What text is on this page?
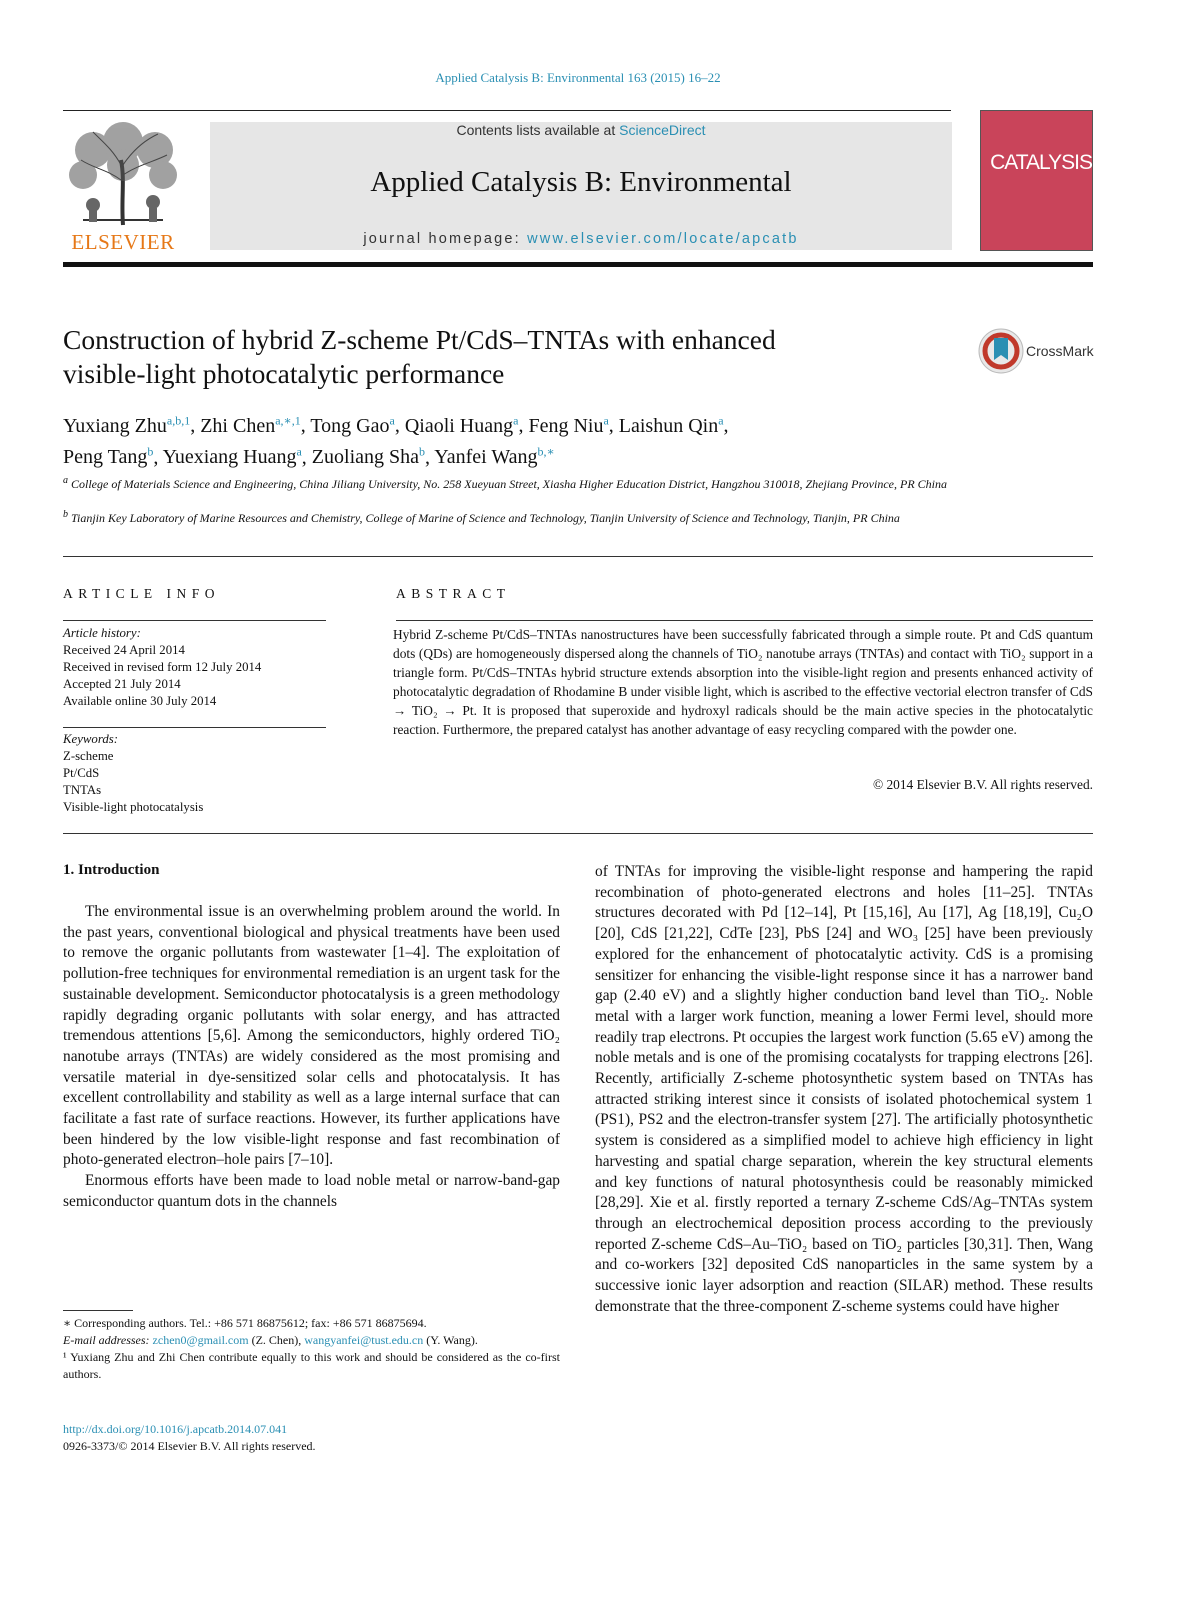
Applied Catalysis B: Environmental 163 (2015) 16–22
ELSEVIER
Contents lists available at ScienceDirect
Applied Catalysis B: Environmental
journal homepage: www.elsevier.com/locate/apcatb
CATALYSIS
Construction of hybrid Z-scheme Pt/CdS–TNTAs with enhanced
visible-light photocatalytic performance
CrossMark
Yuxiang Zhu$^{a,b,1}$, Zhi Chen$^{a,∗,1}$, Tong Gao$^a$, Qiaoli Huang$^a$, Feng Niu$^a$, Laishun Qin$^a$,
Peng Tang$^b$, Yuexiang Huang$^a$, Zuoliang Sha$^b$, Yanfei Wang$^{b,∗}$
$^a$ College of Materials Science and Engineering, China Jiliang University, No. 258 Xueyuan Street, Xiasha Higher Education District, Hangzhou 310018, Zhejiang Province, PR China
$^b$ Tianjin Key Laboratory of Marine Resources and Chemistry, College of Marine of Science and Technology, Tianjin University of Science and Technology, Tianjin, PR China
ARTICLE INFO
Article history:
Received 24 April 2014
Received in revised form 12 July 2014
Accepted 21 July 2014
Available online 30 July 2014
Keywords:
Z-scheme
Pt/CdS
TNTAs
Visible-light photocatalysis
ABSTRACT
Hybrid Z-scheme Pt/CdS–TNTAs nanostructures have been successfully fabricated through a simple route. Pt and CdS quantum dots (QDs) are homogeneously dispersed along the channels of TiO₂ nanotube arrays (TNTAs) and contact with TiO₂ support in a triangle form. Pt/CdS–TNTAs hybrid structure extends absorption into the visible-light region and presents enhanced activity of photocatalytic degradation of Rhodamine B under visible light, which is ascribed to the effective vectorial electron transfer of CdS → TiO₂ → Pt. It is proposed that superoxide and hydroxyl radicals should be the main active species in the photocatalytic reaction. Furthermore, the prepared catalyst has another advantage of easy recycling compared with the powder one.
© 2014 Elsevier B.V. All rights reserved.
1. Introduction

The environmental issue is an overwhelming problem around the world. In the past years, conventional biological and physical treatments have been used to remove the organic pollutants from wastewater [1–4]. The exploitation of pollution-free techniques for environmental remediation is an urgent task for the sustainable development. Semiconductor photocatalysis is a green methodology rapidly degrading organic pollutants with solar energy, and has attracted tremendous attentions [5,6]. Among the semiconductors, highly ordered TiO₂ nanotube arrays (TNTAs) are widely considered as the most promising and versatile material in dye-sensitized solar cells and photocatalysis. It has excellent controllability and stability as well as a large internal surface that can facilitate a fast rate of surface reactions. However, its further applications have been hindered by the low visible-light response and fast recombination of photo-generated electron–hole pairs [7–10].

Enormous efforts have been made to load noble metal or narrow-band-gap semiconductor quantum dots in the channels

of TNTAs for improving the visible-light response and hampering the rapid recombination of photo-generated electrons and holes [11–25]. TNTAs structures decorated with Pd [12–14], Pt [15,16], Au [17], Ag [18,19], Cu₂O [20], CdS [21,22], CdTe [23], PbS [24] and WO₃ [25] have been previously explored for the enhancement of photocatalytic activity. CdS is a promising sensitizer for enhancing the visible-light response since it has a narrower band gap (2.40 eV) and a slightly higher conduction band level than TiO₂. Noble metal with a larger work function, meaning a lower Fermi level, should more readily trap electrons. Pt occupies the largest work function (5.65 eV) among the noble metals and is one of the promising cocatalysts for trapping electrons [26]. Recently, artificially Z-scheme photosynthetic system based on TNTAs has attracted striking interest since it consists of isolated photochemical system 1 (PS1), PS2 and the electron-transfer system [27]. The artificially photosynthetic system is considered as a simplified model to achieve high efficiency in light harvesting and spatial charge separation, wherein the key structural elements and key functions of natural photosynthesis could be reasonably mimicked [28,29]. Xie et al. firstly reported a ternary Z-scheme CdS/Ag–TNTAs system through an electrochemical deposition process according to the previously reported Z-scheme CdS–Au–TiO₂ based on TiO₂ particles [30,31]. Then, Wang and co-workers [32] deposited CdS nanoparticles in the same system by a successive ionic layer adsorption and reaction (SILAR) method. These results demonstrate that the three-component Z-scheme systems could have higher

∗ Corresponding authors. Tel.: +86 571 86875612; fax: +86 571 86875694.

E-mail addresses: zchen0@gmail.com (Z. Chen), wangyanfei@tust.edu.cn (Y. Wang).

¹ Yuxiang Zhu and Zhi Chen contribute equally to this work and should be considered as the co-first authors.

http://dx.doi.org/10.1016/j.apcatb.2014.07.041
0926-3373/© 2014 Elsevier B.V. All rights reserved.
